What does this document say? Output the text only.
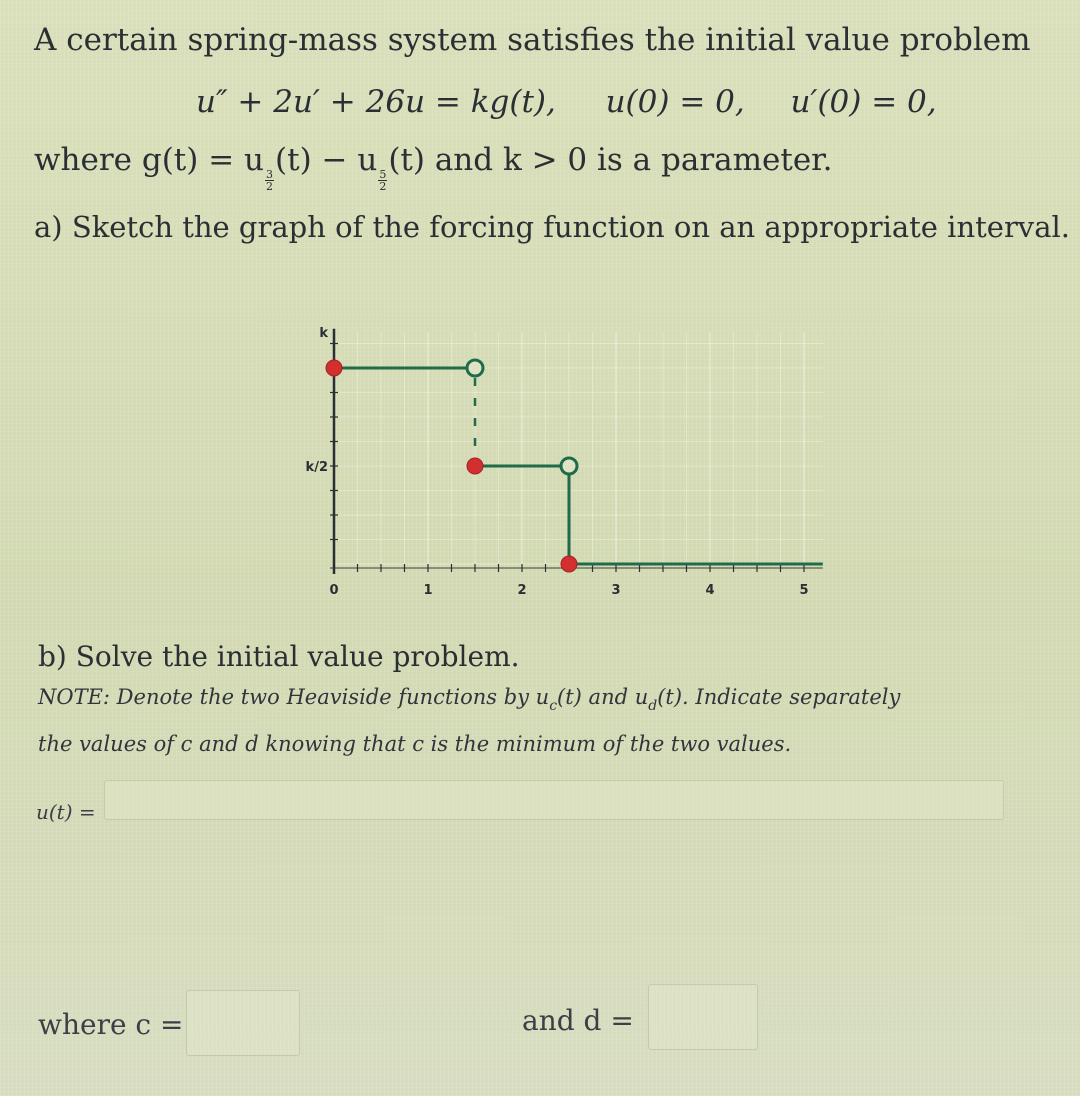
A certain spring-mass system satisfies the initial value problem
u″ + 2u′ + 26u = kg(t), u(0) = 0, u′(0) = 0,
where g(t) = u
$\frac{3}{2}$
(t) − u
$\frac{5}{2}$
(t) and k > 0 is a parameter.
a) Sketch the graph of the forcing function on an appropriate interval.
0	1	2	3	4	5
k/2
k
b) Solve the initial value problem.
NOTE: Denote the two Heaviside functions by $u_c(t)$ and $u_d(t)$. Indicate separately
the values of c and d knowing that c is the minimum of the two values.
u(t) =
where c =	and d =
